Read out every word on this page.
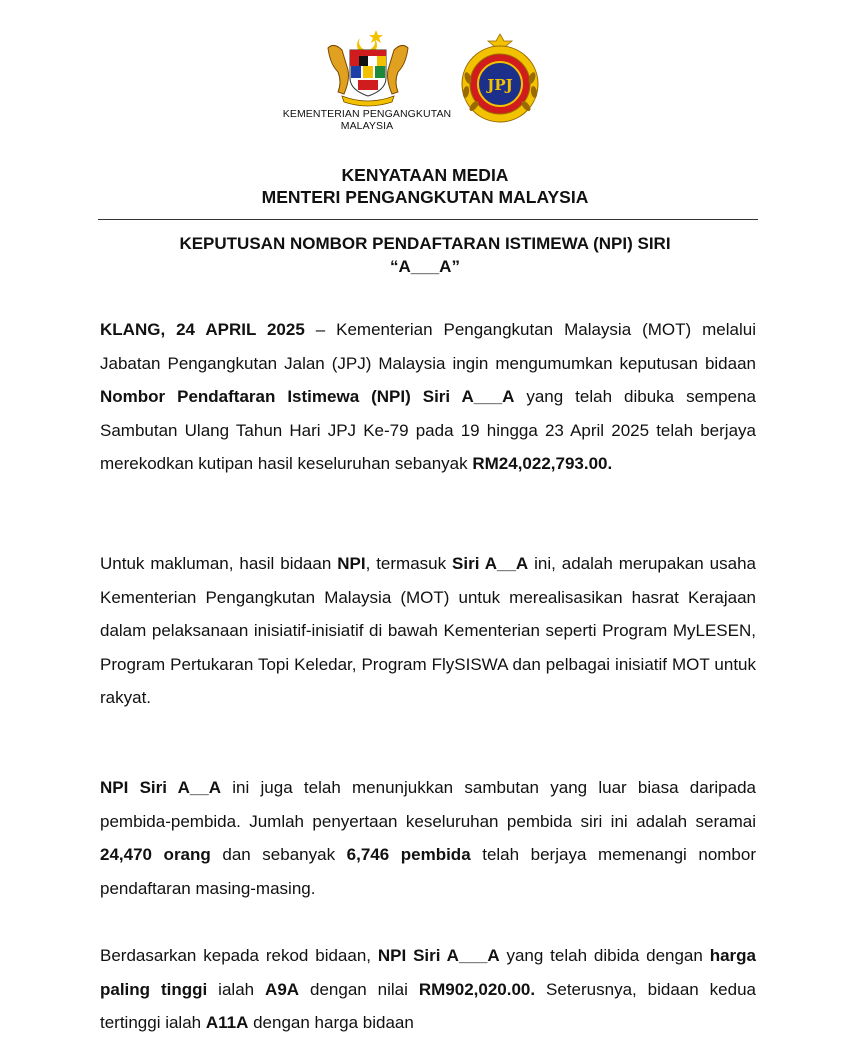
KEMENTERIAN PENGANGKUTAN
MALAYSIA
JPJ
KENYATAAN MEDIA
MENTERI PENGANGKUTAN MALAYSIA
KEPUTUSAN NOMBOR PENDAFTARAN ISTIMEWA (NPI) SIRI
“A___A”
KLANG, 24 APRIL 2025 – Kementerian Pengangkutan Malaysia (MOT) melalui Jabatan Pengangkutan Jalan (JPJ) Malaysia ingin mengumumkan keputusan bidaan Nombor Pendaftaran Istimewa (NPI) Siri A___A yang telah dibuka sempena Sambutan Ulang Tahun Hari JPJ Ke-79 pada 19 hingga 23 April 2025 telah berjaya merekodkan kutipan hasil keseluruhan sebanyak RM24,022,793.00.
Untuk makluman, hasil bidaan NPI, termasuk Siri A__A ini, adalah merupakan usaha Kementerian Pengangkutan Malaysia (MOT) untuk merealisasikan hasrat Kerajaan dalam pelaksanaan inisiatif-inisiatif di bawah Kementerian seperti Program MyLESEN, Program Pertukaran Topi Keledar, Program FlySISWA dan pelbagai inisiatif MOT untuk rakyat.
NPI Siri A__A ini juga telah menunjukkan sambutan yang luar biasa daripada pembida-pembida. Jumlah penyertaan keseluruhan pembida siri ini adalah seramai 24,470 orang dan sebanyak 6,746 pembida telah berjaya memenangi nombor pendaftaran masing-masing.
Berdasarkan kepada rekod bidaan, NPI Siri A___A yang telah dibida dengan harga paling tinggi ialah A9A dengan nilai RM902,020.00. Seterusnya, bidaan kedua tertinggi ialah A11A dengan harga bidaan
